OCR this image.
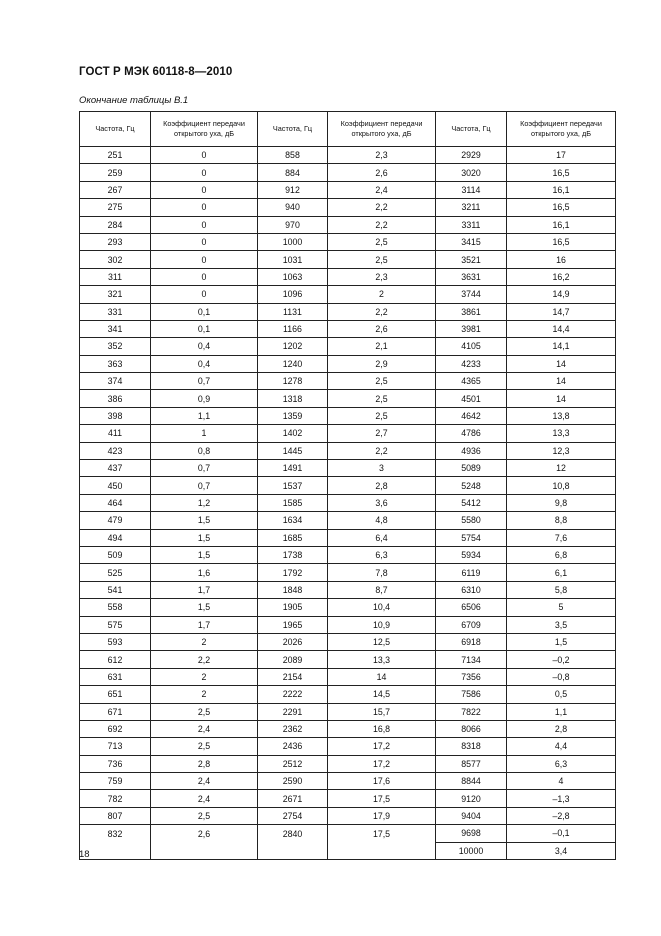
ГОСТ Р МЭК 60118-8—2010
Окончание таблицы В.1
Частота, Гц	Коэффициент передачи открытого уха, дБ	Частота, Гц	Коэффициент передачи открытого уха, дБ	Частота, Гц	Коэффициент передачи открытого уха, дБ
251	0	858	2,3	2929	17
259	0	884	2,6	3020	16,5
267	0	912	2,4	3114	16,1
275	0	940	2,2	3211	16,5
284	0	970	2,2	3311	16,1
293	0	1000	2,5	3415	16,5
302	0	1031	2,5	3521	16
311	0	1063	2,3	3631	16,2
321	0	1096	2	3744	14,9
331	0,1	1131	2,2	3861	14,7
341	0,1	1166	2,6	3981	14,4
352	0,4	1202	2,1	4105	14,1
363	0,4	1240	2,9	4233	14
374	0,7	1278	2,5	4365	14
386	0,9	1318	2,5	4501	14
398	1,1	1359	2,5	4642	13,8
411	1	1402	2,7	4786	13,3
423	0,8	1445	2,2	4936	12,3
437	0,7	1491	3	5089	12
450	0,7	1537	2,8	5248	10,8
464	1,2	1585	3,6	5412	9,8
479	1,5	1634	4,8	5580	8,8
494	1,5	1685	6,4	5754	7,6
509	1,5	1738	6,3	5934	6,8
525	1,6	1792	7,8	6119	6,1
541	1,7	1848	8,7	6310	5,8
558	1,5	1905	10,4	6506	5
575	1,7	1965	10,9	6709	3,5
593	2	2026	12,5	6918	1,5
612	2,2	2089	13,3	7134	–0,2
631	2	2154	14	7356	–0,8
651	2	2222	14,5	7586	0,5
671	2,5	2291	15,7	7822	1,1
692	2,4	2362	16,8	8066	2,8
713	2,5	2436	17,2	8318	4,4
736	2,8	2512	17,2	8577	6,3
759	2,4	2590	17,6	8844	4
782	2,4	2671	17,5	9120	–1,3
807	2,5	2754	17,9	9404	–2,8
832	2,6	2840	17,5	9698	–0,1
				10000	3,4
18
